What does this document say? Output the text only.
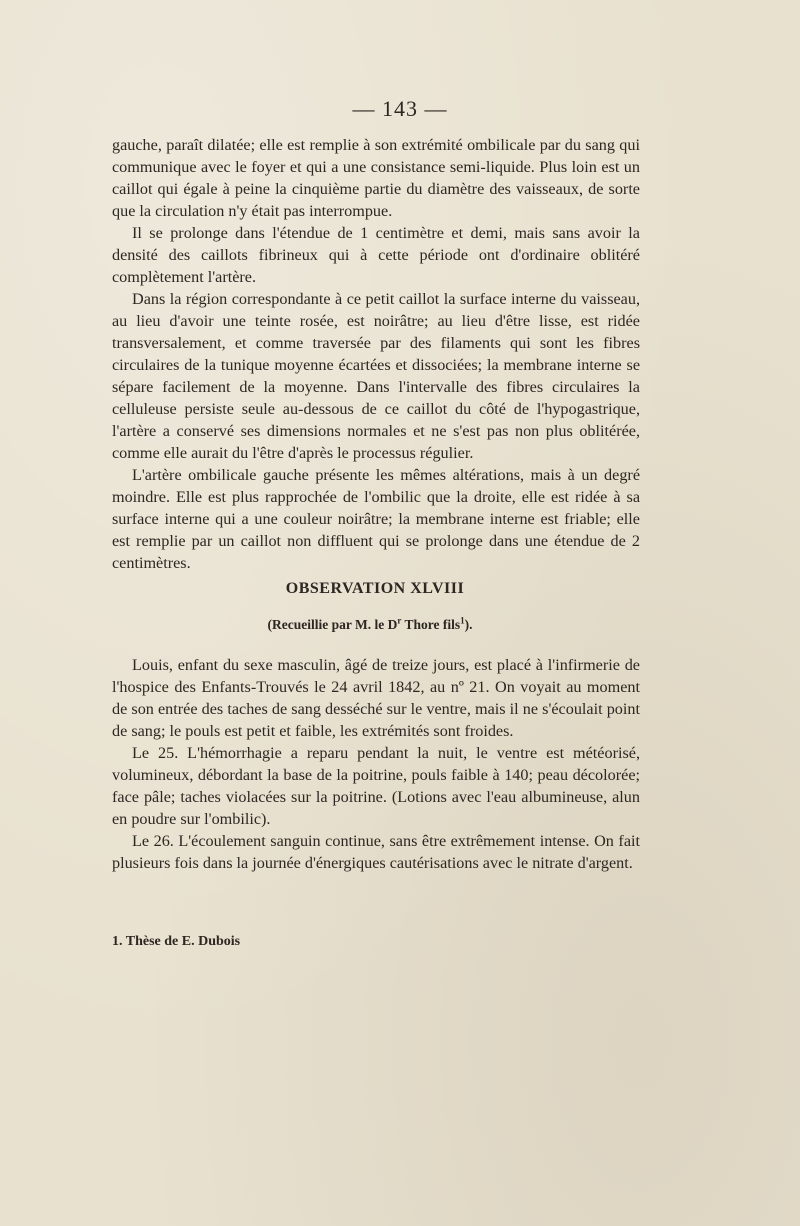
— 143 —

gauche, paraît dilatée; elle est remplie à son extrémité ombilicale par du sang qui communique avec le foyer et qui a une consistance semi-liquide. Plus loin est un caillot qui égale à peine la cinquième partie du diamètre des vaisseaux, de sorte que la circulation n'y était pas interrompue.

Il se prolonge dans l'étendue de 1 centimètre et demi, mais sans avoir la densité des caillots fibrineux qui à cette période ont d'ordinaire oblitéré complètement l'artère.

Dans la région correspondante à ce petit caillot la surface interne du vaisseau, au lieu d'avoir une teinte rosée, est noirâtre; au lieu d'être lisse, est ridée transversalement, et comme traversée par des filaments qui sont les fibres circulaires de la tunique moyenne écartées et dissociées; la membrane interne se sépare facilement de la moyenne. Dans l'intervalle des fibres circulaires la celluleuse persiste seule au-dessous de ce caillot du côté de l'hypogastrique, l'artère a conservé ses dimensions normales et ne s'est pas non plus oblitérée, comme elle aurait du l'être d'après le processus régulier.

L'artère ombilicale gauche présente les mêmes altérations, mais à un degré moindre. Elle est plus rapprochée de l'ombilic que la droite, elle est ridée à sa surface interne qui a une couleur noirâtre; la membrane interne est friable; elle est remplie par un caillot non diffluent qui se prolonge dans une étendue de 2 centimètres.

OBSERVATION XLVIII
(Recueillie par M. le $D^r$ Thore fils$^1$).

Louis, enfant du sexe masculin, âgé de treize jours, est placé à l'infirmerie de l'hospice des Enfants-Trouvés le 24 avril 1842, au nº 21. On voyait au moment de son entrée des taches de sang desséché sur le ventre, mais il ne s'écoulait point de sang; le pouls est petit et faible, les extrémités sont froides.

Le 25. L'hémorrhagie a reparu pendant la nuit, le ventre est météorisé, volumineux, débordant la base de la poitrine, pouls faible à 140; peau décolorée; face pâle; taches violacées sur la poitrine. (Lotions avec l'eau albumineuse, alun en poudre sur l'ombilic).

Le 26. L'écoulement sanguin continue, sans être extrêmement intense. On fait plusieurs fois dans la journée d'énergiques cautérisations avec le nitrate d'argent.

1. Thèse de E. Dubois
